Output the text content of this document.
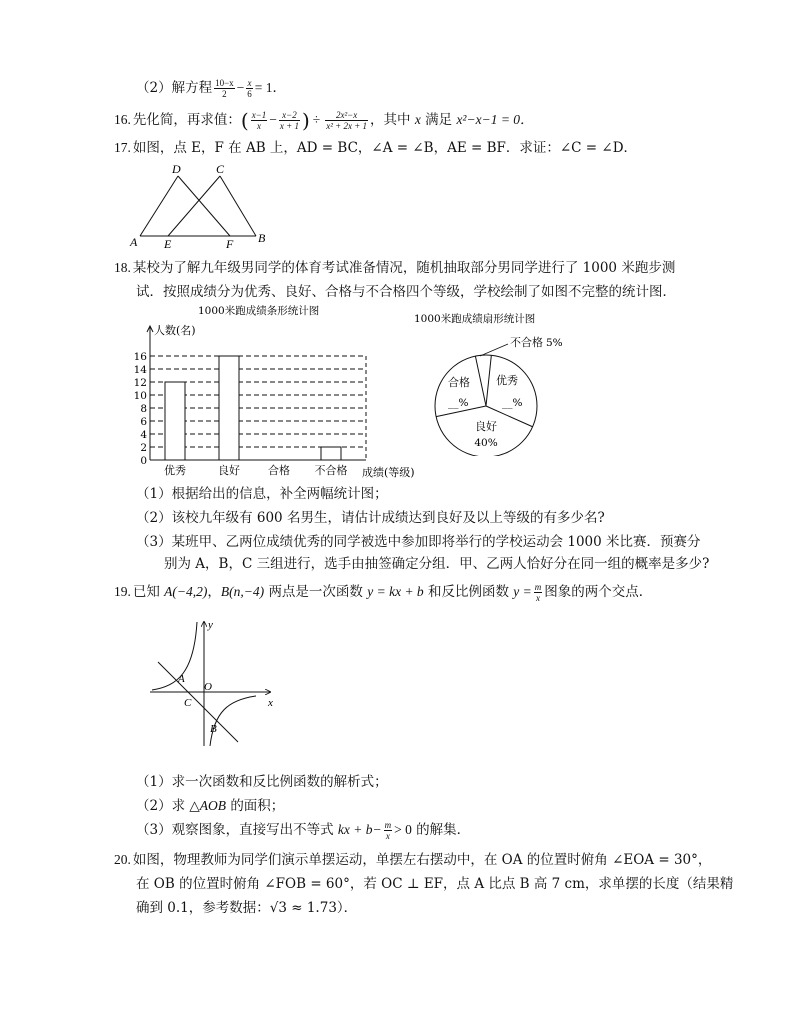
（2）解方程 $\frac{10-x}{2} - \frac{x}{6} = 1$．
16. 先化简，再求值：( $\frac{x-1}{x} - \frac{x-2}{x + 1}$ ) ÷ $\frac{\text{2x²−x}}{\text{x² + 2x + 1}}$ ，其中 x 满足 x²−x−1 = 0．
17. 如图，点 E，F 在 AB 上，AD = BC，∠A = ∠B，AE = BF．求证：∠C = ∠D．
A E	F B
D	C
18. 某校为了解九年级男同学的体育考试准备情况，随机抽取部分男同学进行了 1000 米跑步测
试．按照成绩分为优秀、良好、合格与不合格四个等级，学校绘制了如图不完整的统计图．
1000米跑成绩条形统计图
人数(名)
成绩(等级)
0
2
4
6
8
10
12
14
16
优秀	良好	合格 不合格
1000米跑成绩扇形统计图
不合格 5%
优秀
__%
良好
40%
合格
__%
（1）根据给出的信息，补全两幅统计图；
（2）该校九年级有 600 名男生，请估计成绩达到良好及以上等级的有多少名?
（3）某班甲、乙两位成绩优秀的同学被选中参加即将举行的学校运动会 1000 米比赛．预赛分
别为 A，B，C 三组进行，选手由抽签确定分组．甲、乙两人恰好分在同一组的概率是多少?
19. 已知 A(−4,2)，B(n,−4) 两点是一次函数 y = kx + b 和反比例函数 $y = \frac{m}{x}$ 图象的两个交点．
y
x
A
O
C
B
（1）求一次函数和反比例函数的解析式；
（2）求 △AOB 的面积；
（3）观察图象，直接写出不等式 kx + $b- \frac{m}{x} > 0$ 的解集．
20. 如图，物理教师为同学们演示单摆运动，单摆左右摆动中，在 OA 的位置时俯角 ∠EOA = 30°，
在 OB 的位置时俯角 ∠FOB = 60°，若 OC ⊥ EF，点 A 比点 B 高 7 cm，求单摆的长度（结果精
确到 0.1，参考数据：√3 ≈ 1.73）．
